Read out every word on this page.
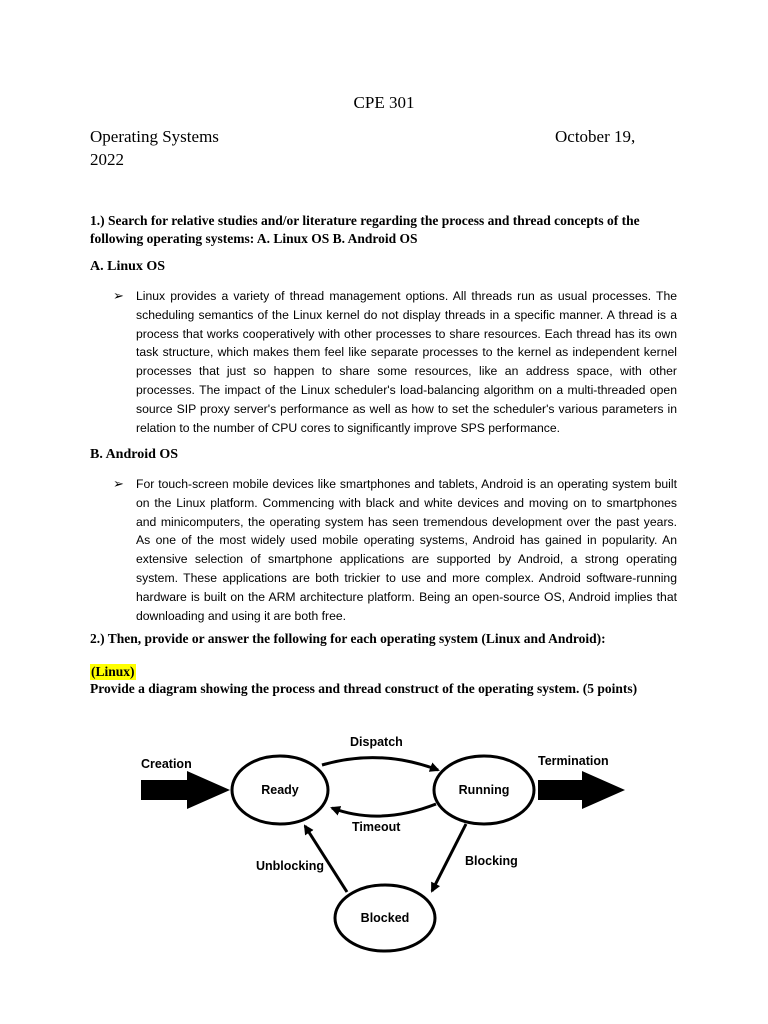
CPE 301
Operating Systems	October 19,
2022
1.) Search for relative studies and/or literature regarding the process and thread concepts of the following operating systems: A. Linux OS B. Android OS
A. Linux OS
➢ Linux provides a variety of thread management options. All threads run as usual processes. The scheduling semantics of the Linux kernel do not display threads in a specific manner. A thread is a process that works cooperatively with other processes to share resources. Each thread has its own task structure, which makes them feel like separate processes to the kernel as independent kernel processes that just so happen to share some resources, like an address space, with other processes. The impact of the Linux scheduler's load-balancing algorithm on a multi-threaded open source SIP proxy server's performance as well as how to set the scheduler's various parameters in relation to the number of CPU cores to significantly improve SPS performance.
B. Android OS
➢ For touch-screen mobile devices like smartphones and tablets, Android is an operating system built on the Linux platform. Commencing with black and white devices and moving on to smartphones and minicomputers, the operating system has seen tremendous development over the past years. As one of the most widely used mobile operating systems, Android has gained in popularity. An extensive selection of smartphone applications are supported by Android, a strong operating system. These applications are both trickier to use and more complex. Android software-running hardware is built on the ARM architecture platform. Being an open-source OS, Android implies that downloading and using it are both free.
2.) Then, provide or answer the following for each operating system (Linux and Android):
(Linux)
Provide a diagram showing the process and thread construct of the operating system. (5 points)
Creation	Termination
Ready	Running
Blocked
Dispatch
Timeout
Blocking
Unblocking
